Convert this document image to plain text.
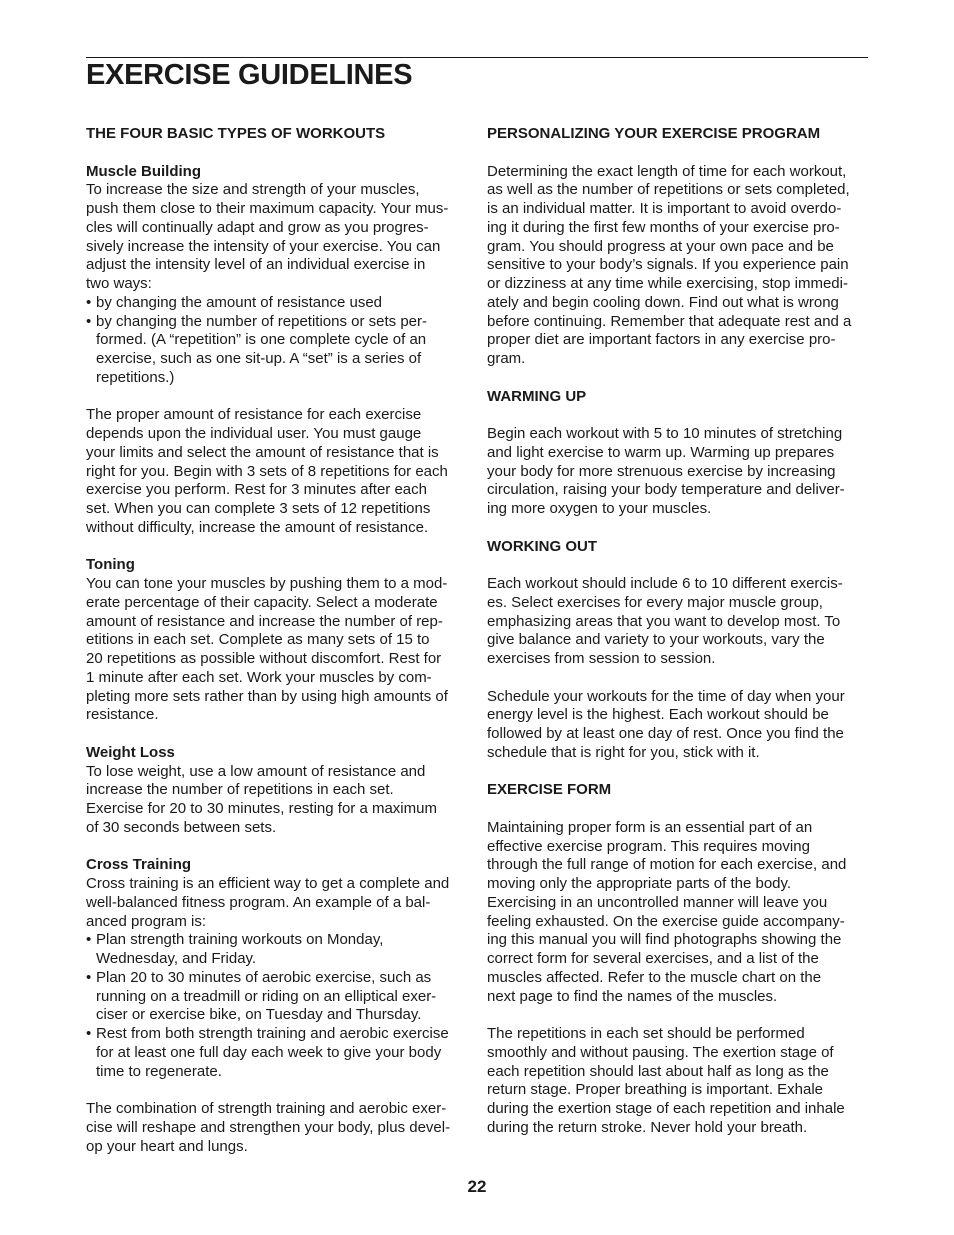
EXERCISE GUIDELINES
THE FOUR BASIC TYPES OF WORKOUTS
Muscle Building

To increase the size and strength of your muscles,
push them close to their maximum capacity. Your mus-
cles will continually adapt and grow as you progres-
sively increase the intensity of your exercise. You can
adjust the intensity level of an individual exercise in
two ways:

• by changing the amount of resistance used
• by changing the number of repetitions or sets per-
formed. (A “repetition” is one complete cycle of an
exercise, such as one sit-up. A “set” is a series of
repetitions.)

The proper amount of resistance for each exercise
depends upon the individual user. You must gauge
your limits and select the amount of resistance that is
right for you. Begin with 3 sets of 8 repetitions for each
exercise you perform. Rest for 3 minutes after each
set. When you can complete 3 sets of 12 repetitions
without difficulty, increase the amount of resistance.

Toning

You can tone your muscles by pushing them to a mod-
erate percentage of their capacity. Select a moderate
amount of resistance and increase the number of rep-
etitions in each set. Complete as many sets of 15 to
20 repetitions as possible without discomfort. Rest for
1 minute after each set. Work your muscles by com-
pleting more sets rather than by using high amounts of
resistance.

Weight Loss

To lose weight, use a low amount of resistance and
increase the number of repetitions in each set.
Exercise for 20 to 30 minutes, resting for a maximum
of 30 seconds between sets.

Cross Training

Cross training is an efficient way to get a complete and
well-balanced fitness program. An example of a bal-
anced program is:

• Plan strength training workouts on Monday,
Wednesday, and Friday.
• Plan 20 to 30 minutes of aerobic exercise, such as
running on a treadmill or riding on an elliptical exer-
ciser or exercise bike, on Tuesday and Thursday.
• Rest from both strength training and aerobic exercise
for at least one full day each week to give your body
time to regenerate.

The combination of strength training and aerobic exer-
cise will reshape and strengthen your body, plus devel-
op your heart and lungs.

PERSONALIZING YOUR EXERCISE PROGRAM

Determining the exact length of time for each workout,
as well as the number of repetitions or sets completed,
is an individual matter. It is important to avoid overdo-
ing it during the first few months of your exercise pro-
gram. You should progress at your own pace and be
sensitive to your body’s signals. If you experience pain
or dizziness at any time while exercising, stop immedi-
ately and begin cooling down. Find out what is wrong
before continuing. Remember that adequate rest and a
proper diet are important factors in any exercise pro-
gram.

WARMING UP

Begin each workout with 5 to 10 minutes of stretching
and light exercise to warm up. Warming up prepares
your body for more strenuous exercise by increasing
circulation, raising your body temperature and deliver-
ing more oxygen to your muscles.

WORKING OUT

Each workout should include 6 to 10 different exercis-
es. Select exercises for every major muscle group,
emphasizing areas that you want to develop most. To
give balance and variety to your workouts, vary the
exercises from session to session.

Schedule your workouts for the time of day when your
energy level is the highest. Each workout should be
followed by at least one day of rest. Once you find the
schedule that is right for you, stick with it.

EXERCISE FORM

Maintaining proper form is an essential part of an
effective exercise program. This requires moving
through the full range of motion for each exercise, and
moving only the appropriate parts of the body.
Exercising in an uncontrolled manner will leave you
feeling exhausted. On the exercise guide accompany-
ing this manual you will find photographs showing the
correct form for several exercises, and a list of the
muscles affected. Refer to the muscle chart on the
next page to find the names of the muscles.

The repetitions in each set should be performed
smoothly and without pausing. The exertion stage of
each repetition should last about half as long as the
return stage. Proper breathing is important. Exhale
during the exertion stage of each repetition and inhale
during the return stroke. Never hold your breath.

22
